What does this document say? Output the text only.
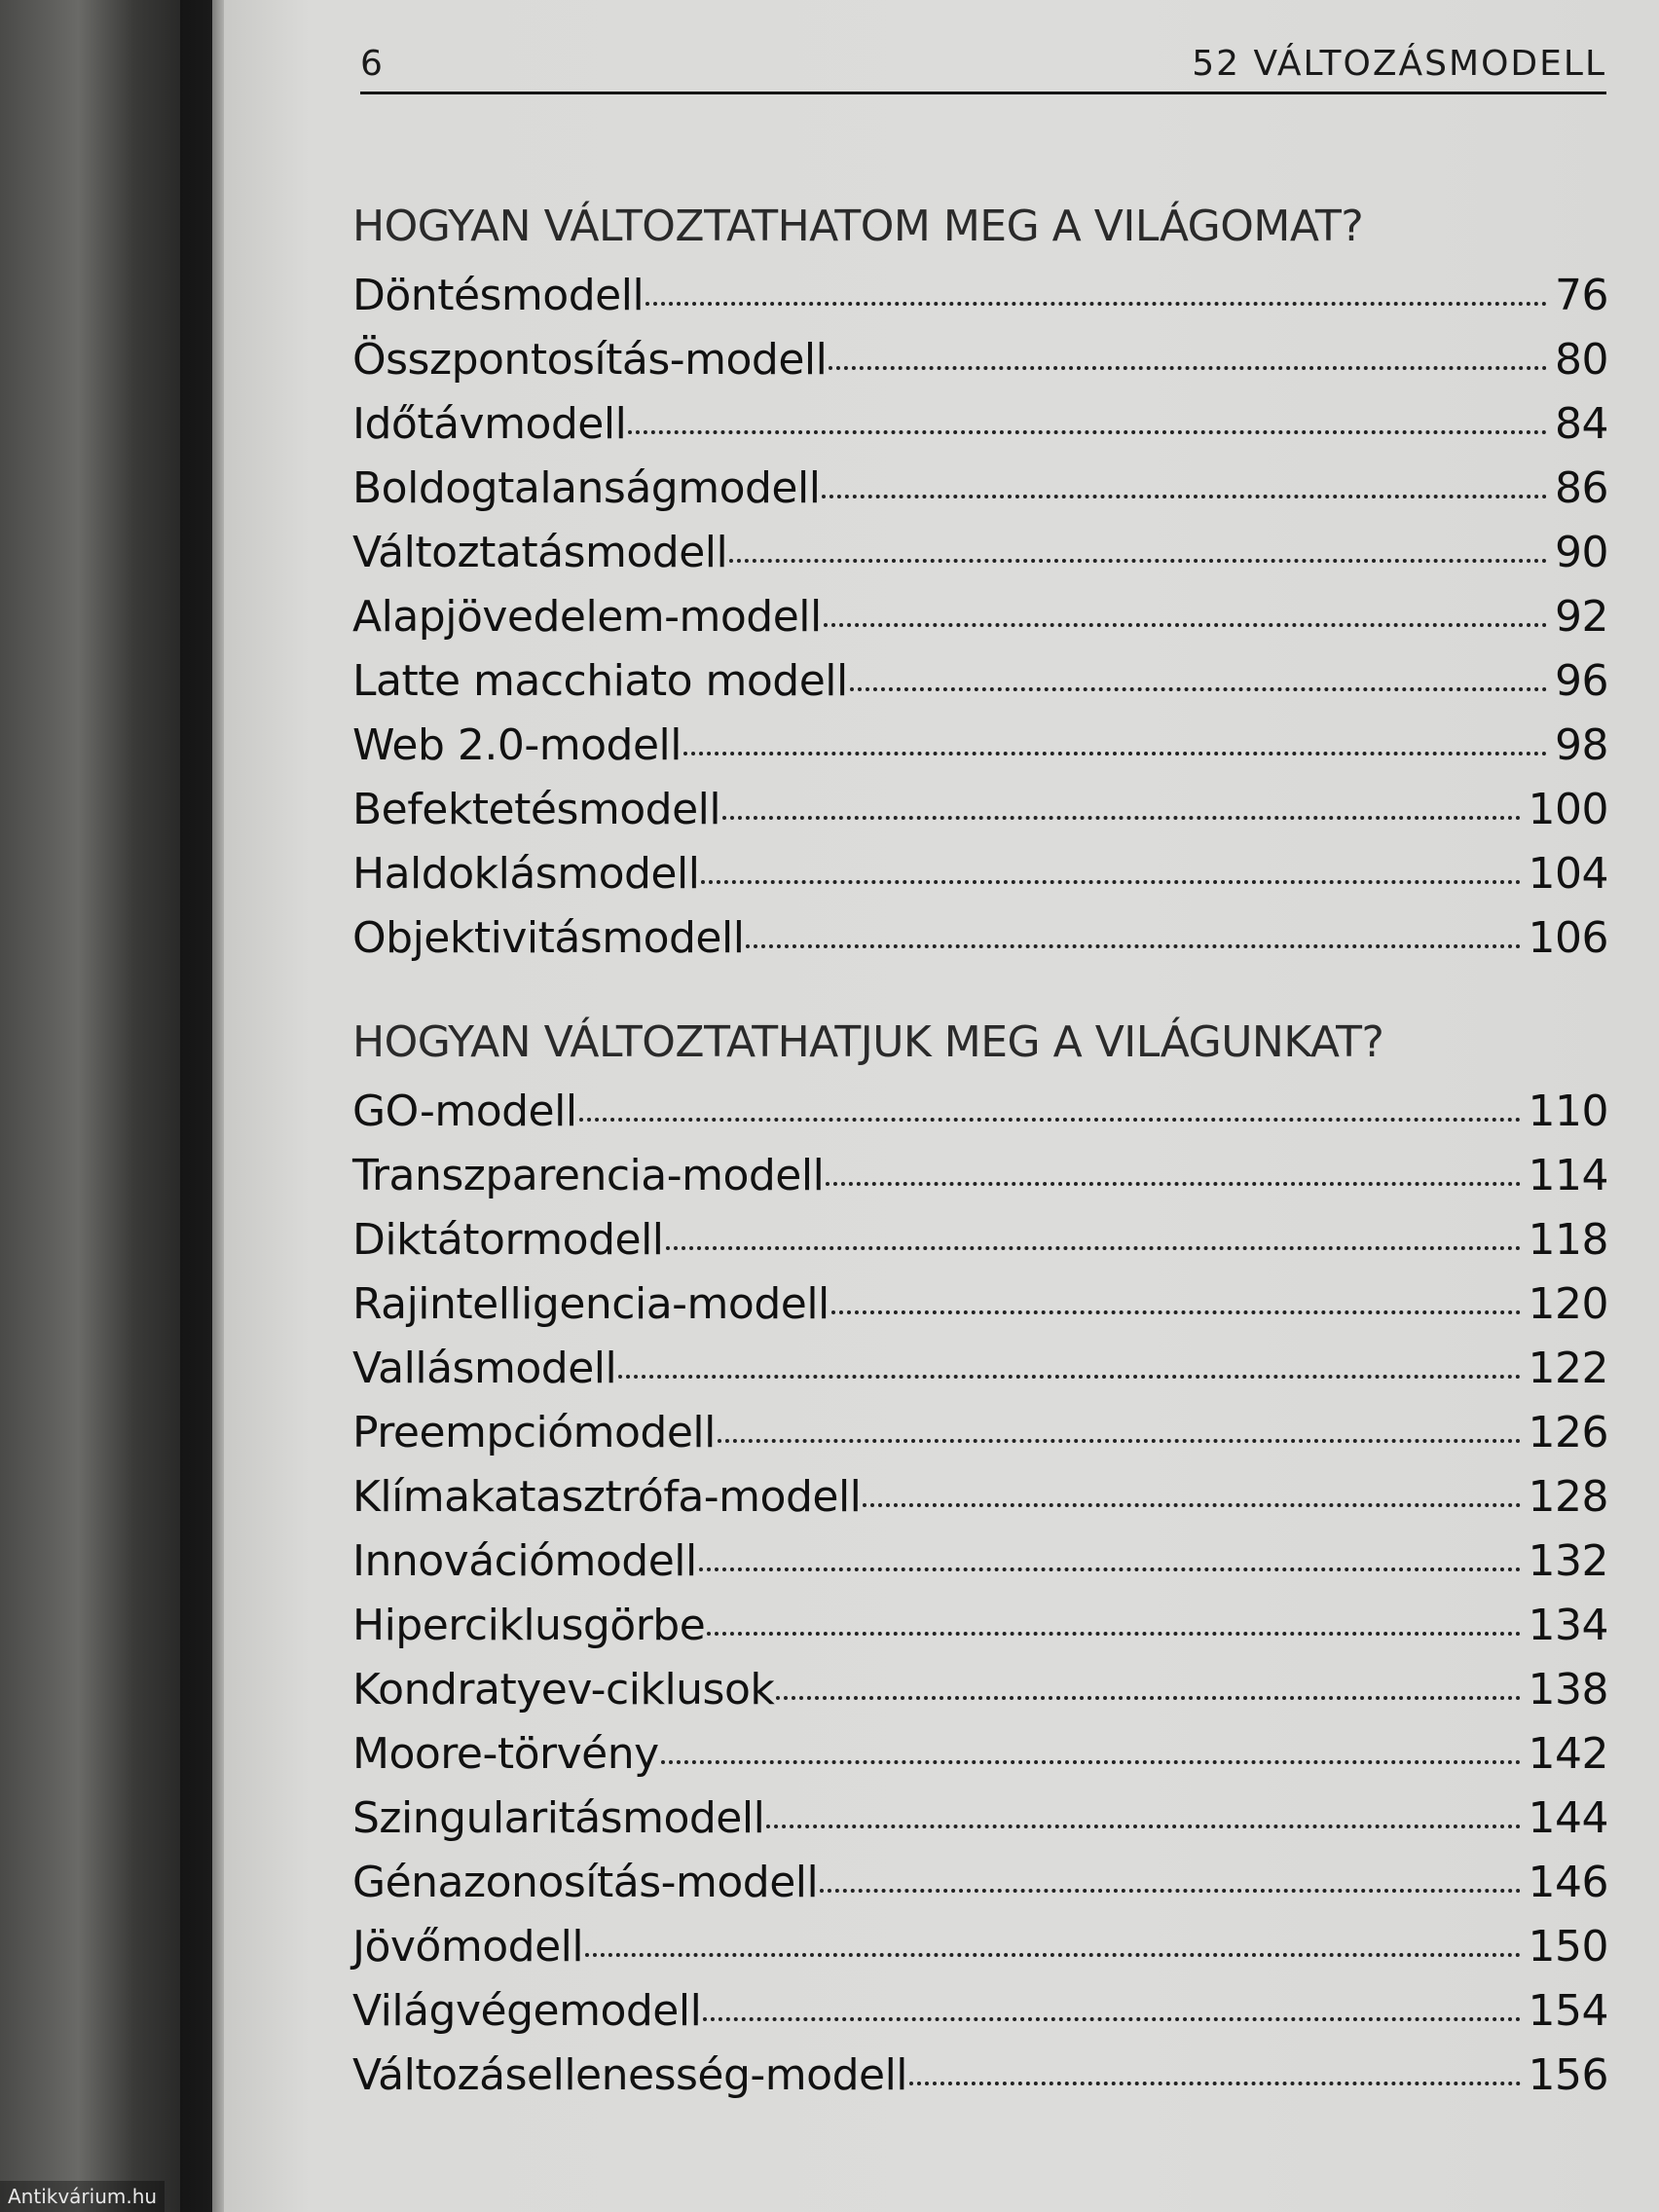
6	52 VÁLTOZÁSMODELL
HOGYAN VÁLTOZTATHATOM MEG A VILÁGOMAT?
Döntésmodell	76
Összpontosítás-modell	80
Időtávmodell	84
Boldogtalanságmodell	86
Változtatásmodell	90
Alapjövedelem-modell	92
Latte macchiato modell	96
Web 2.0-modell	98
Befektetésmodell	100
Haldoklásmodell	104
Objektivitásmodell	106
HOGYAN VÁLTOZTATHATJUK MEG A VILÁGUNKAT?
GO-modell	110
Transzparencia-modell	114
Diktátormodell	118
Rajintelligencia-modell	120
Vallásmodell	122
Preempciómodell	126
Klímakatasztrófa-modell	128
Innovációmodell	132
Hiperciklusgörbe	134
Kondratyev-ciklusok	138
Moore-törvény	142
Szingularitásmodell	144
Génazonosítás-modell	146
Jövőmodell	150
Világvégemodell	154
Változásellenesség-modell	156
Antikvárium.hu
